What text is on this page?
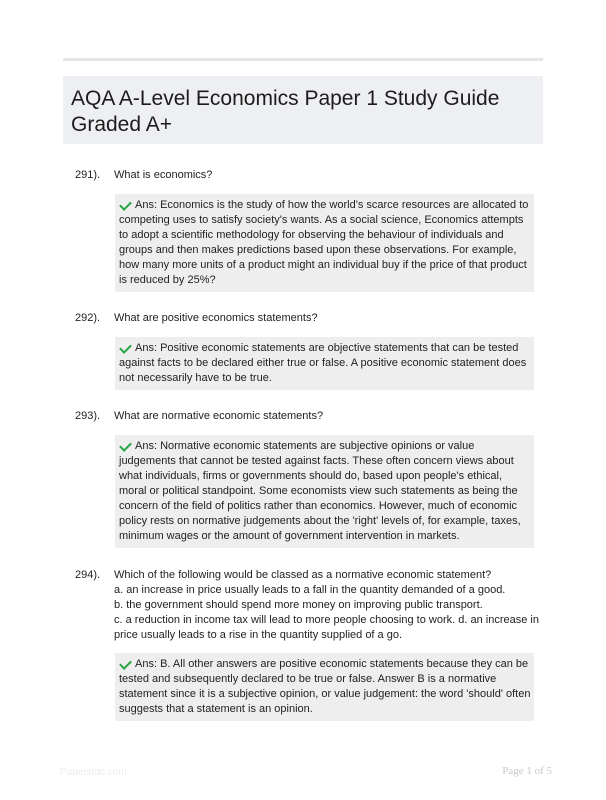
AQA A-Level Economics Paper 1 Study Guide Graded A+
291). What is economics?
Ans: Economics is the study of how the world's scarce resources are allocated to competing uses to satisfy society's wants. As a social science, Economics attempts to adopt a scientific methodology for observing the behaviour of individuals and groups and then makes predictions based upon these observations. For example, how many more units of a product might an individual buy if the price of that product is reduced by 25%?
292). What are positive economics statements?
Ans: Positive economic statements are objective statements that can be tested against facts to be declared either true or false. A positive economic statement does not necessarily have to be true.
293). What are normative economic statements?
Ans: Normative economic statements are subjective opinions or value judgements that cannot be tested against facts. These often concern views about what individuals, firms or governments should do, based upon people's ethical, moral or political standpoint. Some economists view such statements as being the concern of the field of politics rather than economics. However, much of economic policy rests on normative judgements about the 'right' levels of, for example, taxes, minimum wages or the amount of government intervention in markets.
294). Which of the following would be classed as a normative economic statement?
a. an increase in price usually leads to a fall in the quantity demanded of a good.
b. the government should spend more money on improving public transport.
c. a reduction in income tax will lead to more people choosing to work. d. an increase in price usually leads to a rise in the quantity supplied of a go.
Ans: B. All other answers are positive economic statements because they can be tested and subsequently declared to be true or false. Answer B is a normative statement since it is a subjective opinion, or value judgement: the word 'should' often suggests that a statement is an opinion.
Paperstdc.com	Page 1 of 5
